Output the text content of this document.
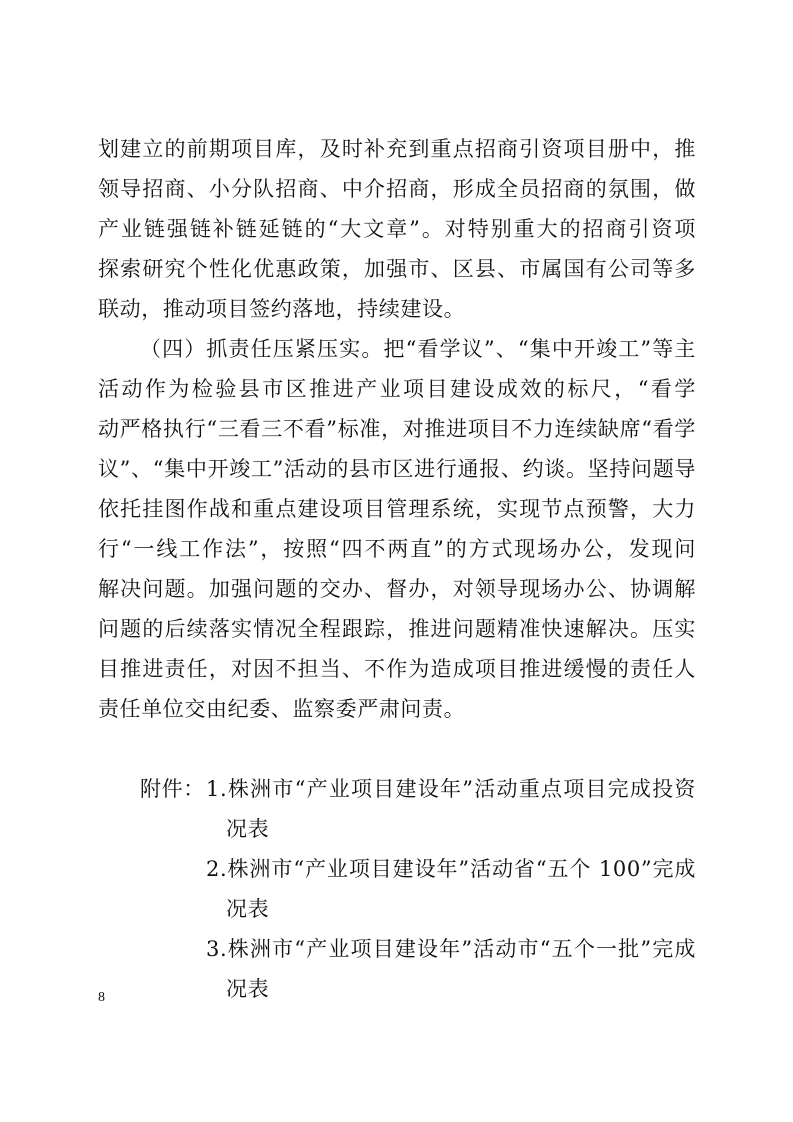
划建立的前期项目库，及时补充到重点招商引资项目册中，推
领导招商、小分队招商、中介招商，形成全员招商的氛围，做
产业链强链补链延链的“大文章”。对特别重大的招商引资项
探索研究个性化优惠政策，加强市、区县、市属国有公司等多
联动，推动项目签约落地，持续建设。
（四）抓责任压紧压实。把“看学议”、“集中开竣工”等主
活动作为检验县市区推进产业项目建设成效的标尺，“看学
动严格执行“三看三不看”标准，对推进项目不力连续缺席“看学
议”、“集中开竣工”活动的县市区进行通报、约谈。坚持问题导
依托挂图作战和重点建设项目管理系统，实现节点预警，大力
行“一线工作法”，按照“四不两直”的方式现场办公，发现问
解决问题。加强问题的交办、督办，对领导现场办公、协调解
问题的后续落实情况全程跟踪，推进问题精准快速解决。压实
目推进责任，对因不担当、不作为造成项目推进缓慢的责任人
责任单位交由纪委、监察委严肃问责。
附件： 1.株洲市“产业项目建设年”活动重点项目完成投资
况表
2.株洲市“产业项目建设年”活动省“五个 100”完成
况表
3.株洲市“产业项目建设年”活动市“五个一批”完成
况表
8
